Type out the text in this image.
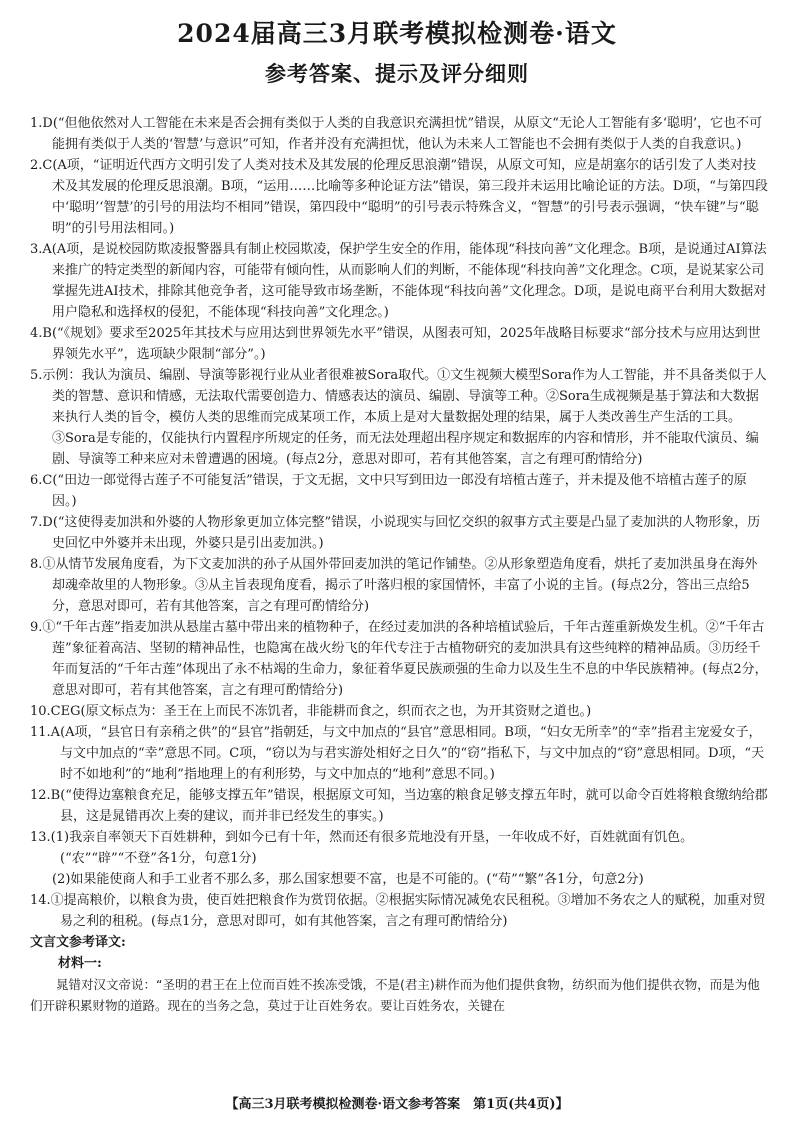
2024届高三3月联考模拟检测卷·语文
参考答案、提示及评分细则

1.D(“但他依然对人工智能在未来是否会拥有类似于人类的自我意识充满担忧”错误，从原文“无论人工智能有多‘聪明’，它也不可能拥有类似于人类的‘智慧’与意识”可知，作者并没有充满担忧，他认为未来人工智能也不会拥有类似于人类的自我意识。)

2.C(A项，“证明近代西方文明引发了人类对技术及其发展的伦理反思浪潮”错误，从原文可知，应是胡塞尔的话引发了人类对技术及其发展的伦理反思浪潮。B项，“运用……比喻等多种论证方法”错误，第三段并未运用比喻论证的方法。D项，“与第四段中‘聪明’‘智慧’的引号的用法均不相同”错误，第四段中“聪明”的引号表示特殊含义，“智慧”的引号表示强调，“快车键”与“聪明”的引号用法相同。)

3.A(A项，是说校园防欺凌报警器具有制止校园欺凌，保护学生安全的作用，能体现“科技向善”文化理念。B项，是说通过AI算法来推广的特定类型的新闻内容，可能带有倾向性，从而影响人们的判断，不能体现“科技向善”文化理念。C项，是说某家公司掌握先进AI技术，排除其他竞争者，这可能导致市场垄断，不能体现“科技向善”文化理念。D项，是说电商平台利用大数据对用户隐私和选择权的侵犯，不能体现“科技向善”文化理念。)

4.B(“《规划》要求至2025年其技术与应用达到世界领先水平”错误，从图表可知，2025年战略目标要求“部分技术与应用达到世界领先水平”，选项缺少限制“部分”。)

5.示例：我认为演员、编剧、导演等影视行业从业者很难被Sora取代。①文生视频大模型Sora作为人工智能，并不具备类似于人类的智慧、意识和情感，无法取代需要创造力、情感表达的演员、编剧、导演等工种。②Sora生成视频是基于算法和大数据来执行人类的旨令，模仿人类的思维而完成某项工作，本质上是对大量数据处理的结果，属于人类改善生产生活的工具。③Sora是专能的，仅能执行内置程序所规定的任务，而无法处理超出程序规定和数据库的内容和情形，并不能取代演员、编剧、导演等工种来应对未曾遭遇的困境。(每点2分，意思对即可，若有其他答案，言之有理可酌情给分)

6.C(“田边一郎觉得古莲子不可能复活”错误，于文无据，文中只写到田边一郎没有培植古莲子，并未提及他不培植古莲子的原因。)

7.D(“这使得麦加洪和外婆的人物形象更加立体完整”错误，小说现实与回忆交织的叙事方式主要是凸显了麦加洪的人物形象，历史回忆中外婆并未出现，外婆只是引出麦加洪。)

8.①从情节发展角度看，为下文麦加洪的孙子从国外带回麦加洪的笔记作铺垫。②从形象塑造角度看，烘托了麦加洪虽身在海外却魂牵故里的人物形象。③从主旨表现角度看，揭示了叶落归根的家国情怀，丰富了小说的主旨。(每点2分，答出三点给5分，意思对即可，若有其他答案，言之有理可酌情给分)

9.①“千年古莲”指麦加洪从悬崖古墓中带出来的植物种子，在经过麦加洪的各种培植试验后，千年古莲重新焕发生机。②“千年古莲”象征着高洁、坚韧的精神品性，也隐寓在战火纷飞的年代专注于古植物研究的麦加洪具有这些纯粹的精神品质。③历经千年而复活的“千年古莲”体现出了永不枯竭的生命力，象征着华夏民族顽强的生命力以及生生不息的中华民族精神。(每点2分，意思对即可，若有其他答案，言之有理可酌情给分)

10.CEG(原文标点为：圣王在上而民不冻饥者，非能耕而食之，织而衣之也，为开其资财之道也。)

11.A(A项，“县官日有亲稍之供”的“县官”指朝廷，与文中加点的“县官”意思相同。B项，“妇女无所幸”的“幸”指君主宠爱女子，与文中加点的“幸”意思不同。C项，“窃以为与君实游处相好之日久”的“窃”指私下，与文中加点的“窃”意思相同。D项，“天时不如地利”的“地利”指地理上的有利形势，与文中加点的“地利”意思不同。)

12.B(“使得边塞粮食充足，能够支撑五年”错误，根据原文可知，当边塞的粮食足够支撑五年时，就可以命令百姓将粮食缴纳给郡县，这是晁错再次上奏的建议，而并非已经发生的事实。)

13.(1)我亲自率领天下百姓耕种，到如今已有十年，然而还有很多荒地没有开垦，一年收成不好，百姓就面有饥色。(“农”“辟”“不登”各1分，句意1分)

(2)如果能使商人和手工业者不那么多，那么国家想要不富，也是不可能的。(“苟”“繁”各1分，句意2分)

14.①提高粮价，以粮食为贵，使百姓把粮食作为赏罚依据。②根据实际情况减免农民租税。③增加不务农之人的赋税，加重对贸易之利的租税。(每点1分，意思对即可，如有其他答案，言之有理可酌情给分)

文言文参考译文:

材料一:

晁错对汉文帝说：“圣明的君王在上位而百姓不挨冻受饿，不是(君主)耕作而为他们提供食物，纺织而为他们提供衣物，而是为他们开辟积累财物的道路。现在的当务之急，莫过于让百姓务农。要让百姓务农，关键在

【高三3月联考模拟检测卷·语文参考答案　第1页(共4页)】
